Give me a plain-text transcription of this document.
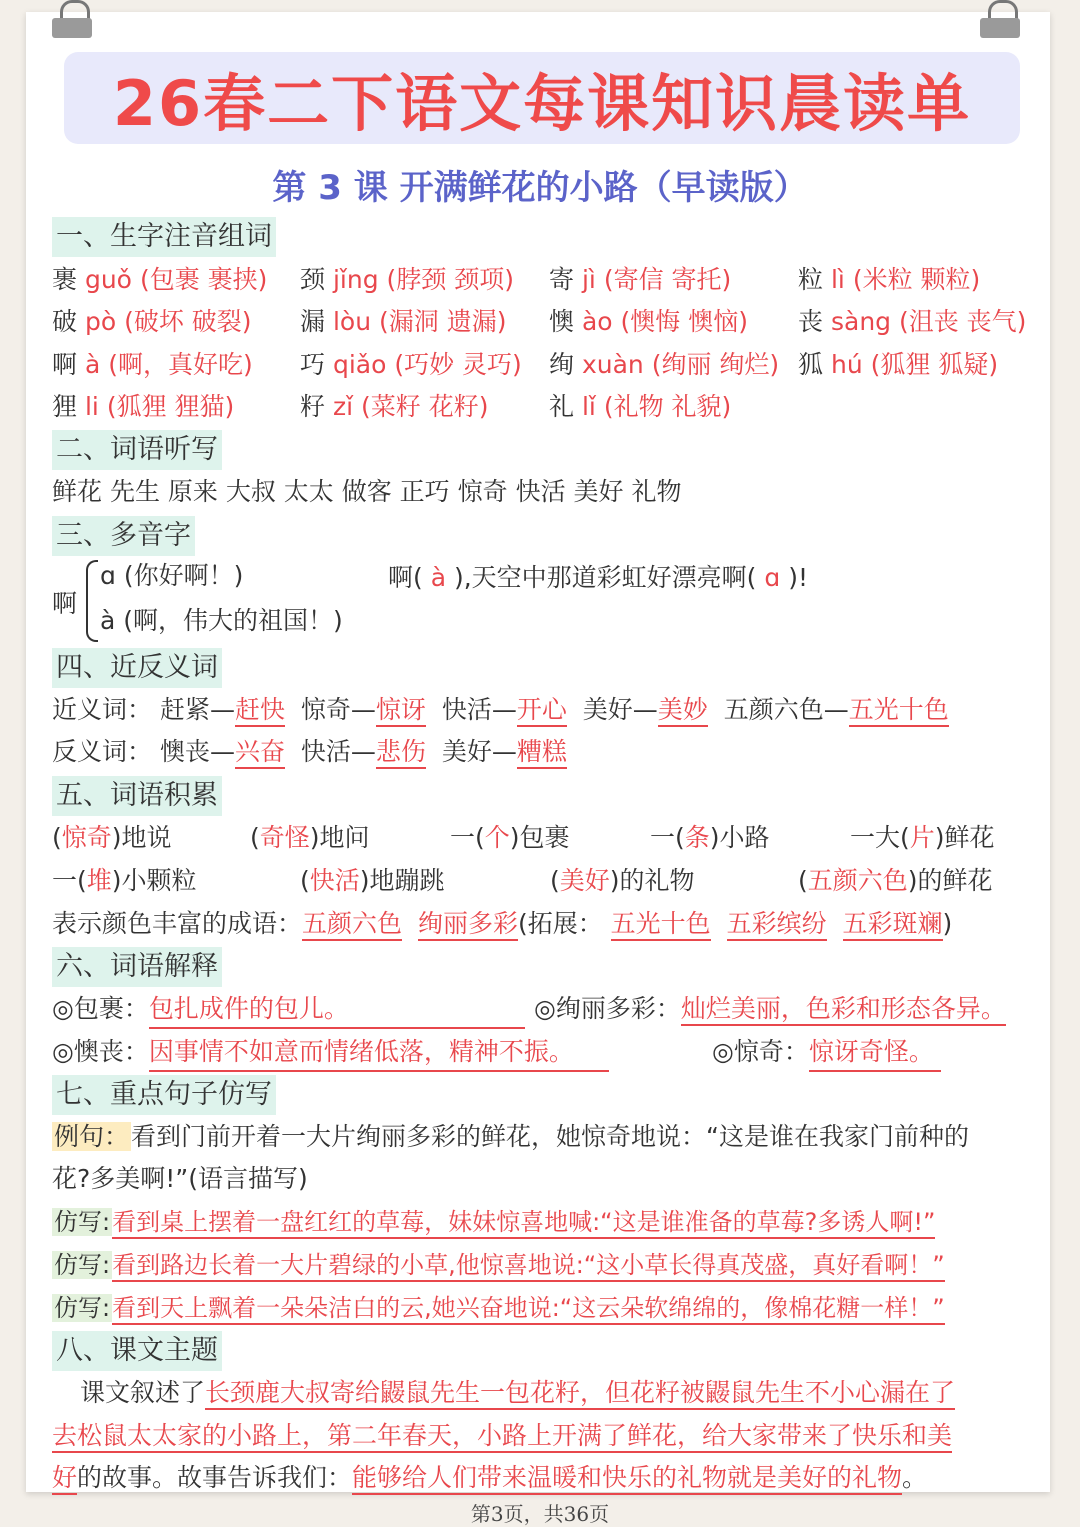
26春二下语文每课知识晨读单
第 3 课 开满鲜花的小路（早读版）
一、生字注音组词
裹 guǒ (包裹 裹挟) 颈 jǐng (脖颈 颈项) 寄 jì (寄信 寄托)	粒 lì (米粒 颗粒)
破 pò (破坏 破裂) 漏 lòu (漏洞 遗漏) 懊 ào (懊悔 懊恼) 丧 sàng (沮丧 丧气)
啊 à (啊，真好吃) 巧 qiǎo (巧妙 灵巧) 绚 xuàn (绚丽 绚烂) 狐 hú (狐狸 狐疑)
狸 li (狐狸 狸猫)	籽 zǐ (菜籽 花籽) 礼 lǐ (礼物 礼貌)
二、词语听写
鲜花 先生 原来 大叔 太太 做客 正巧 惊奇 快活 美好 礼物
三、多音字
啊
ɑ (你好啊！)
à (啊，伟大的祖国！)
啊( à ),天空中那道彩虹好漂亮啊( ɑ )!
四、近反义词
近义词： 赶紧—赶快 惊奇—惊讶 快活—开心 美好—美妙 五颜六色—五光十色
反义词： 懊丧—兴奋 快活—悲伤 美好—糟糕
五、词语积累
(惊奇)地说	(奇怪)地问	一(个)包裹	一(条)小路	一大(片)鲜花
一(堆)小颗粒	(快活)地蹦跳	(美好)的礼物	(五颜六色)的鲜花
表示颜色丰富的成语：五颜六色 绚丽多彩(拓展： 五光十色 五彩缤纷 五彩斑斓)
六、词语解释
◎包裹：包扎成件的包儿。	◎绚丽多彩：灿烂美丽，色彩和形态各异。
◎懊丧：因事情不如意而情绪低落，精神不振。	◎惊奇：惊讶奇怪。
七、重点句子仿写
例句：看到门前开着一大片绚丽多彩的鲜花，她惊奇地说：“这是谁在我家门前种的
花?多美啊!”(语言描写)
仿写:看到桌上摆着一盘红红的草莓，妹妹惊喜地喊:“这是谁准备的草莓?多诱人啊!”
仿写:看到路边长着一大片碧绿的小草,他惊喜地说:“这小草长得真茂盛，真好看啊！”
仿写:看到天上飘着一朵朵洁白的云,她兴奋地说:“这云朵软绵绵的，像棉花糖一样！”
八、课文主题
课文叙述了长颈鹿大叔寄给鼹鼠先生一包花籽，但花籽被鼹鼠先生不小心漏在了
去松鼠太太家的小路上，第二年春天，小路上开满了鲜花，给大家带来了快乐和美
好的故事。故事告诉我们：能够给人们带来温暖和快乐的礼物就是美好的礼物。
第3页，共36页
